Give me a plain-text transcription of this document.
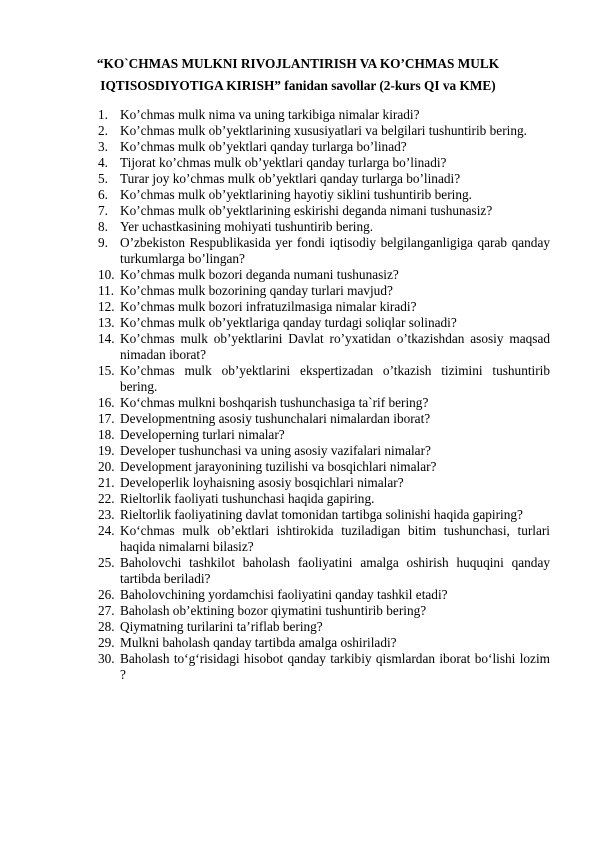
“KO`CHMAS MULKNI RIVOJLANTIRISH VA KO’CHMAS MULK
IQTISOSDIYOTIGA KIRISH” fanidan savollar (2-kurs QI va KME)
1. Ko’chmas mulk nima va uning tarkibiga nimalar kiradi?
2. Ko’chmas mulk ob’yektlarining xususiyatlari va belgilari tushuntirib bering.
3. Ko’chmas mulk ob’yektlari qanday turlarga bo’linad?
4. Tijorat ko’chmas mulk ob’yektlari qanday turlarga bo’linadi?
5. Turar joy ko’chmas mulk ob’yektlari qanday turlarga bo’linadi?
6. Ko’chmas mulk ob’yektlarining hayotiy siklini tushuntirib bering.
7. Ko’chmas mulk ob’yektlarining eskirishi deganda nimani tushunasiz?
8. Yer uchastkasining mohiyati tushuntirib bering.
9. O’zbekiston Respublikasida yer fondi iqtisodiy belgilanganligiga qarab qanday turkumlarga bo’lingan?
10. Ko’chmas mulk bozori deganda numani tushunasiz?
11. Ko’chmas mulk bozorining qanday turlari mavjud?
12. Ko’chmas mulk bozori infratuzilmasiga nimalar kiradi?
13. Ko’chmas mulk ob’yektlariga qanday turdagi soliqlar solinadi?
14. Ko’chmas mulk ob’yektlarini Davlat ro’yxatidan o’tkazishdan asosiy maqsad nimadan iborat?
15. Ko’chmas mulk ob’yektlarini ekspertizadan o’tkazish tizimini tushuntirib bering.
16. Ko‘chmas mulkni boshqarish tushunchasiga ta`rif bering?
17. Developmentning asosiy tushunchalari nimalardan iborat?
18. Developerning turlari nimalar?
19. Developer tushunchasi va uning asosiy vazifalari nimalar?
20. Development jarayonining tuzilishi va bosqichlari nimalar?
21. Developerlik loyhaisning asosiy bosqichlari nimalar?
22. Rieltorlik faoliyati tushunchasi haqida gapiring.
23. Rieltorlik faoliyatining davlat tomonidan tartibga solinishi haqida gapiring?
24. Ko‘chmas mulk ob’ektlari ishtirokida tuziladigan bitim tushunchasi, turlari haqida nimalarni bilasiz?
25. Baholovchi tashkilot baholash faoliyatini amalga oshirish huquqini qanday tartibda beriladi?
26. Baholovchining yordamchisi faoliyatini qanday tashkil etadi?
27. Baholash ob’ektining bozor qiymatini tushuntirib bering?
28. Qiymatning turilarini ta’riflab bering?
29. Mulkni baholash qanday tartibda amalga oshiriladi?
30. Baholash to‘g‘risidagi hisobot qanday tarkibiy qismlardan iborat bo‘lishi lozim ?
